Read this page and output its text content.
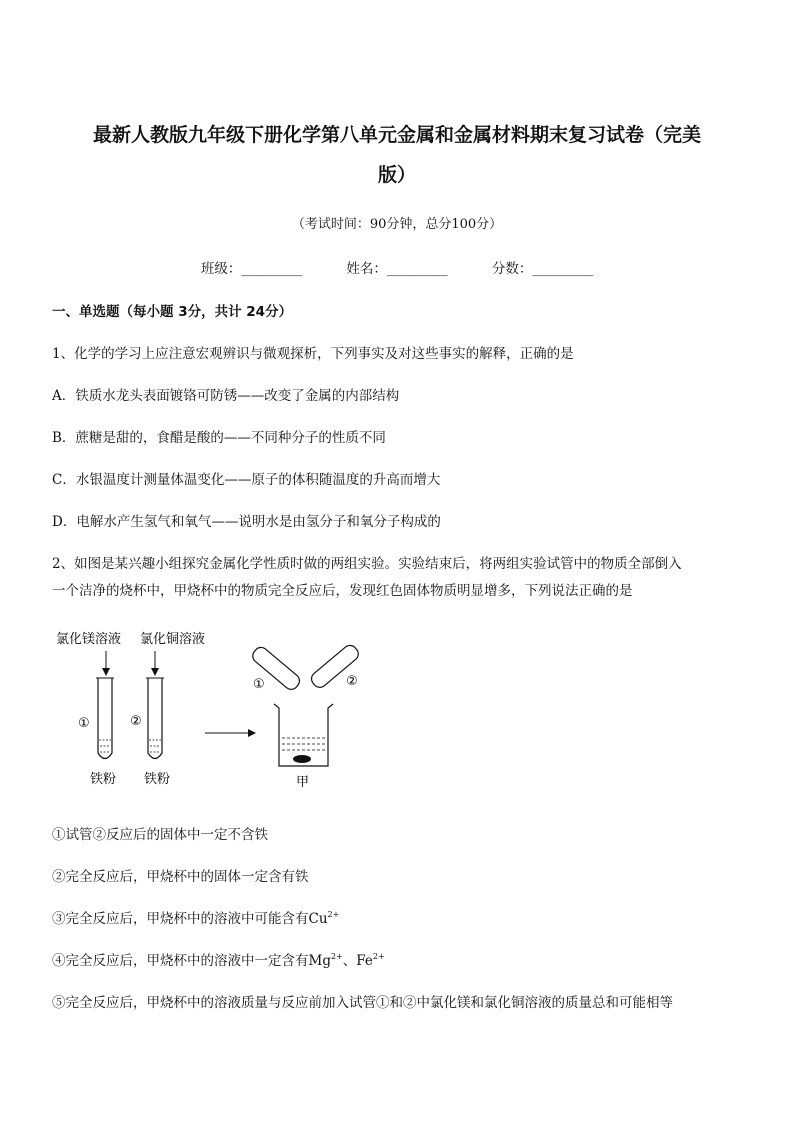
最新人教版九年级下册化学第八单元金属和金属材料期末复习试卷（完美
版）
（考试时间：90分钟，总分100分）
班级：_________	姓名：_________	分数：_________
一、单选题（每小题 3分，共计 24分）
1、化学的学习上应注意宏观辨识与微观探析，下列事实及对这些事实的解释，正确的是
A．铁质水龙头表面镀铬可防锈——改变了金属的内部结构
B．蔗糖是甜的，食醋是酸的——不同种分子的性质不同
C．水银温度计测量体温变化——原子的体积随温度的升高而增大
D．电解水产生氢气和氧气——说明水是由氢分子和氧分子构成的
2、如图是某兴趣小组探究金属化学性质时做的两组实验。实验结束后，将两组实验试管中的物质全部倒入
一个洁净的烧杯中，甲烧杯中的物质完全反应后，发现红色固体物质明显增多，下列说法正确的是
氯化镁溶液 氯化铜溶液
①	②
铁粉 铁粉
①	②
甲
①试管②反应后的固体中一定不含铁
②完全反应后，甲烧杯中的固体一定含有铁
③完全反应后，甲烧杯中的溶液中可能含有$Cu^{2+}$
④完全反应后，甲烧杯中的溶液中一定含有$Mg^{2+}$、$Fe^{2+}$
⑤完全反应后，甲烧杯中的溶液质量与反应前加入试管①和②中氯化镁和氯化铜溶液的质量总和可能相等
